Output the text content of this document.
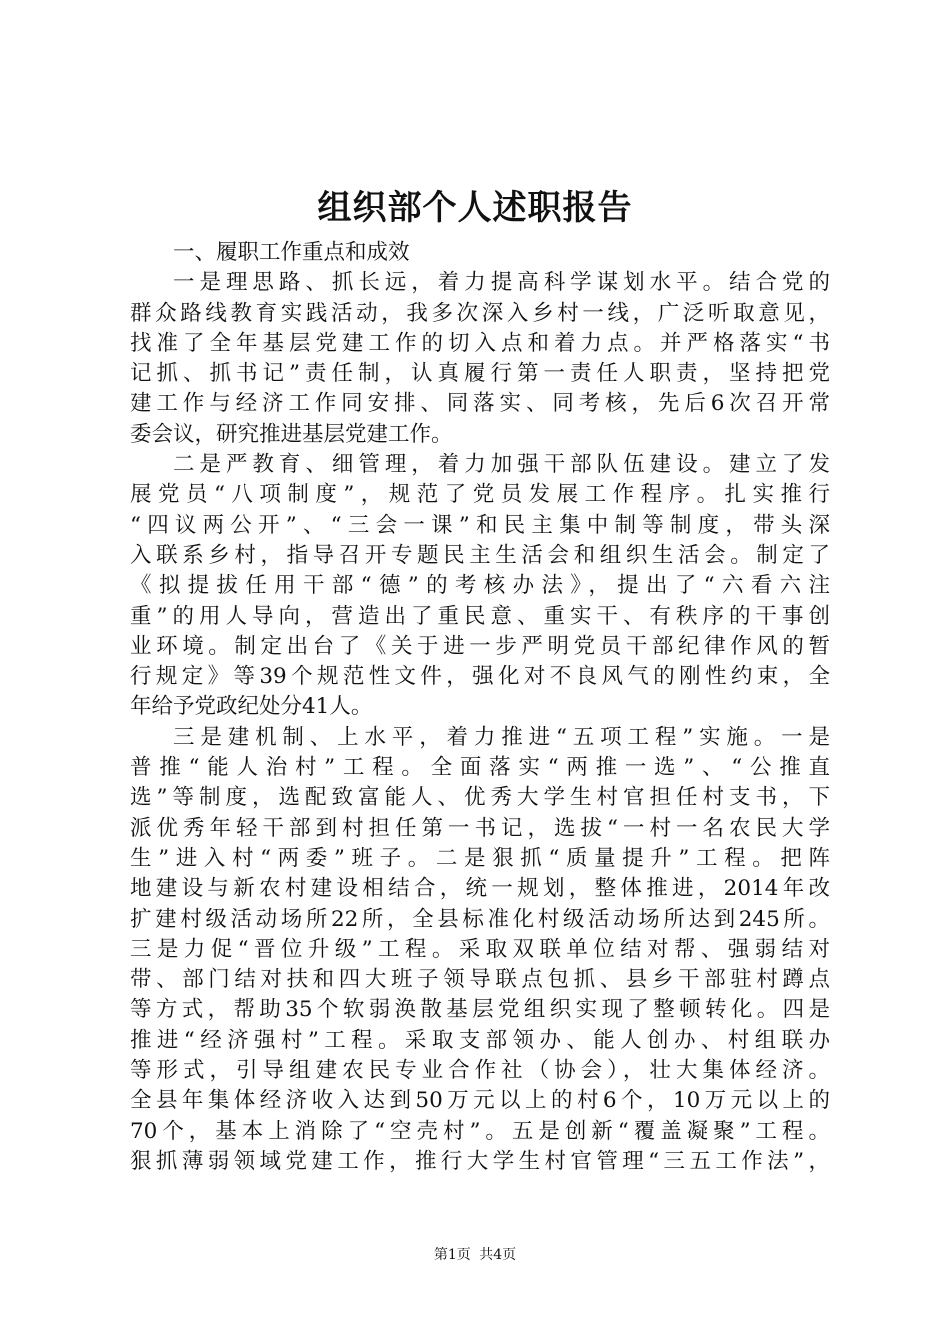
组织部个人述职报告
一、履职工作重点和成效
一是理思路、抓长远，着力提高科学谋划水平。结合党的
群众路线教育实践活动，我多次深入乡村一线，广泛听取意见，
找准了全年基层党建工作的切入点和着力点。并严格落实“书
记抓、抓书记”责任制，认真履行第一责任人职责，坚持把党
建工作与经济工作同安排、同落实、同考核，先后6次召开常
委会议，研究推进基层党建工作。
二是严教育、细管理，着力加强干部队伍建设。建立了发
展党员“八项制度”，规范了党员发展工作程序。扎实推行
“四议两公开”、“三会一课”和民主集中制等制度，带头深
入联系乡村，指导召开专题民主生活会和组织生活会。制定了
《拟提拔任用干部“德”的考核办法》，提出了“六看六注
重”的用人导向，营造出了重民意、重实干、有秩序的干事创
业环境。制定出台了《关于进一步严明党员干部纪律作风的暂
行规定》等39个规范性文件，强化对不良风气的刚性约束，全
年给予党政纪处分41人。
三是建机制、上水平，着力推进“五项工程”实施。一是
普推“能人治村”工程。全面落实“两推一选”、“公推直
选”等制度，选配致富能人、优秀大学生村官担任村支书，下
派优秀年轻干部到村担任第一书记，选拔“一村一名农民大学
生”进入村“两委”班子。二是狠抓“质量提升”工程。把阵
地建设与新农村建设相结合，统一规划，整体推进，2014年改
扩建村级活动场所22所，全县标准化村级活动场所达到245所。
三是力促“晋位升级”工程。采取双联单位结对帮、强弱结对
带、部门结对扶和四大班子领导联点包抓、县乡干部驻村蹲点
等方式，帮助35个软弱涣散基层党组织实现了整顿转化。四是
推进“经济强村”工程。采取支部领办、能人创办、村组联办
等形式，引导组建农民专业合作社（协会），壮大集体经济。
全县年集体经济收入达到50万元以上的村6个，10万元以上的
70个，基本上消除了“空壳村”。五是创新“覆盖凝聚”工程。
狠抓薄弱领域党建工作，推行大学生村官管理“三五工作法”，
第1页 共4页
